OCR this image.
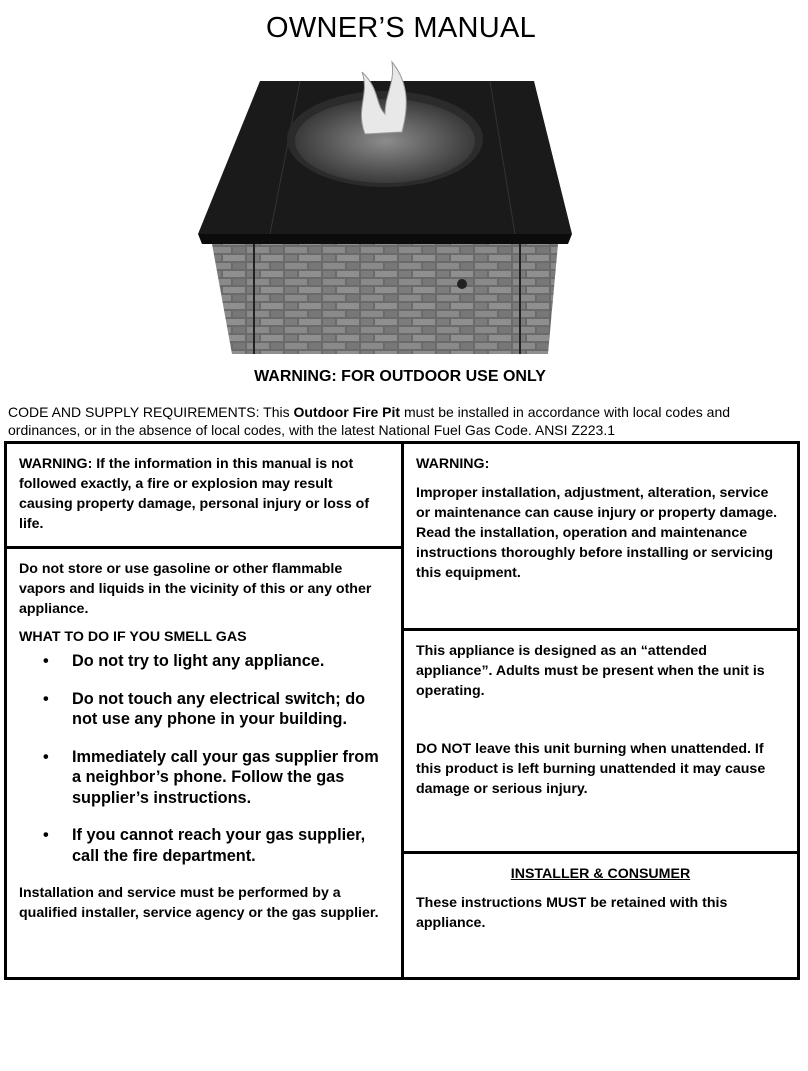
OWNER’S MANUAL
WARNING: FOR OUTDOOR USE ONLY
CODE AND SUPPLY REQUIREMENTS: This Outdoor Fire Pit must be installed in accordance with local codes and ordinances, or in the absence of local codes, with the latest National Fuel Gas Code. ANSI Z223.1

WARNING: If the information in this manual is not followed exactly, a fire or explosion may result causing property damage, personal injury or loss of life.

Do not store or use gasoline or other flammable vapors and liquids in the vicinity of this or any other appliance.

WHAT TO DO IF YOU SMELL GAS

• Do not try to light any appliance.
• Do not touch any electrical switch; do not use any phone in your building.
• Immediately call your gas supplier from a neighbor’s phone. Follow the gas supplier’s instructions.
• If you cannot reach your gas supplier, call the fire department.

Installation and service must be performed by a qualified installer, service agency or the gas supplier.

WARNING:

Improper installation, adjustment, alteration, service or maintenance can cause injury or property damage. Read the installation, operation and maintenance instructions thoroughly before installing or servicing this equipment.

This appliance is designed as an “attended appliance”. Adults must be present when the unit is operating.

DO NOT leave this unit burning when unattended. If this product is left burning unattended it may cause damage or serious injury.

INSTALLER & CONSUMER

These instructions MUST be retained with this appliance.
